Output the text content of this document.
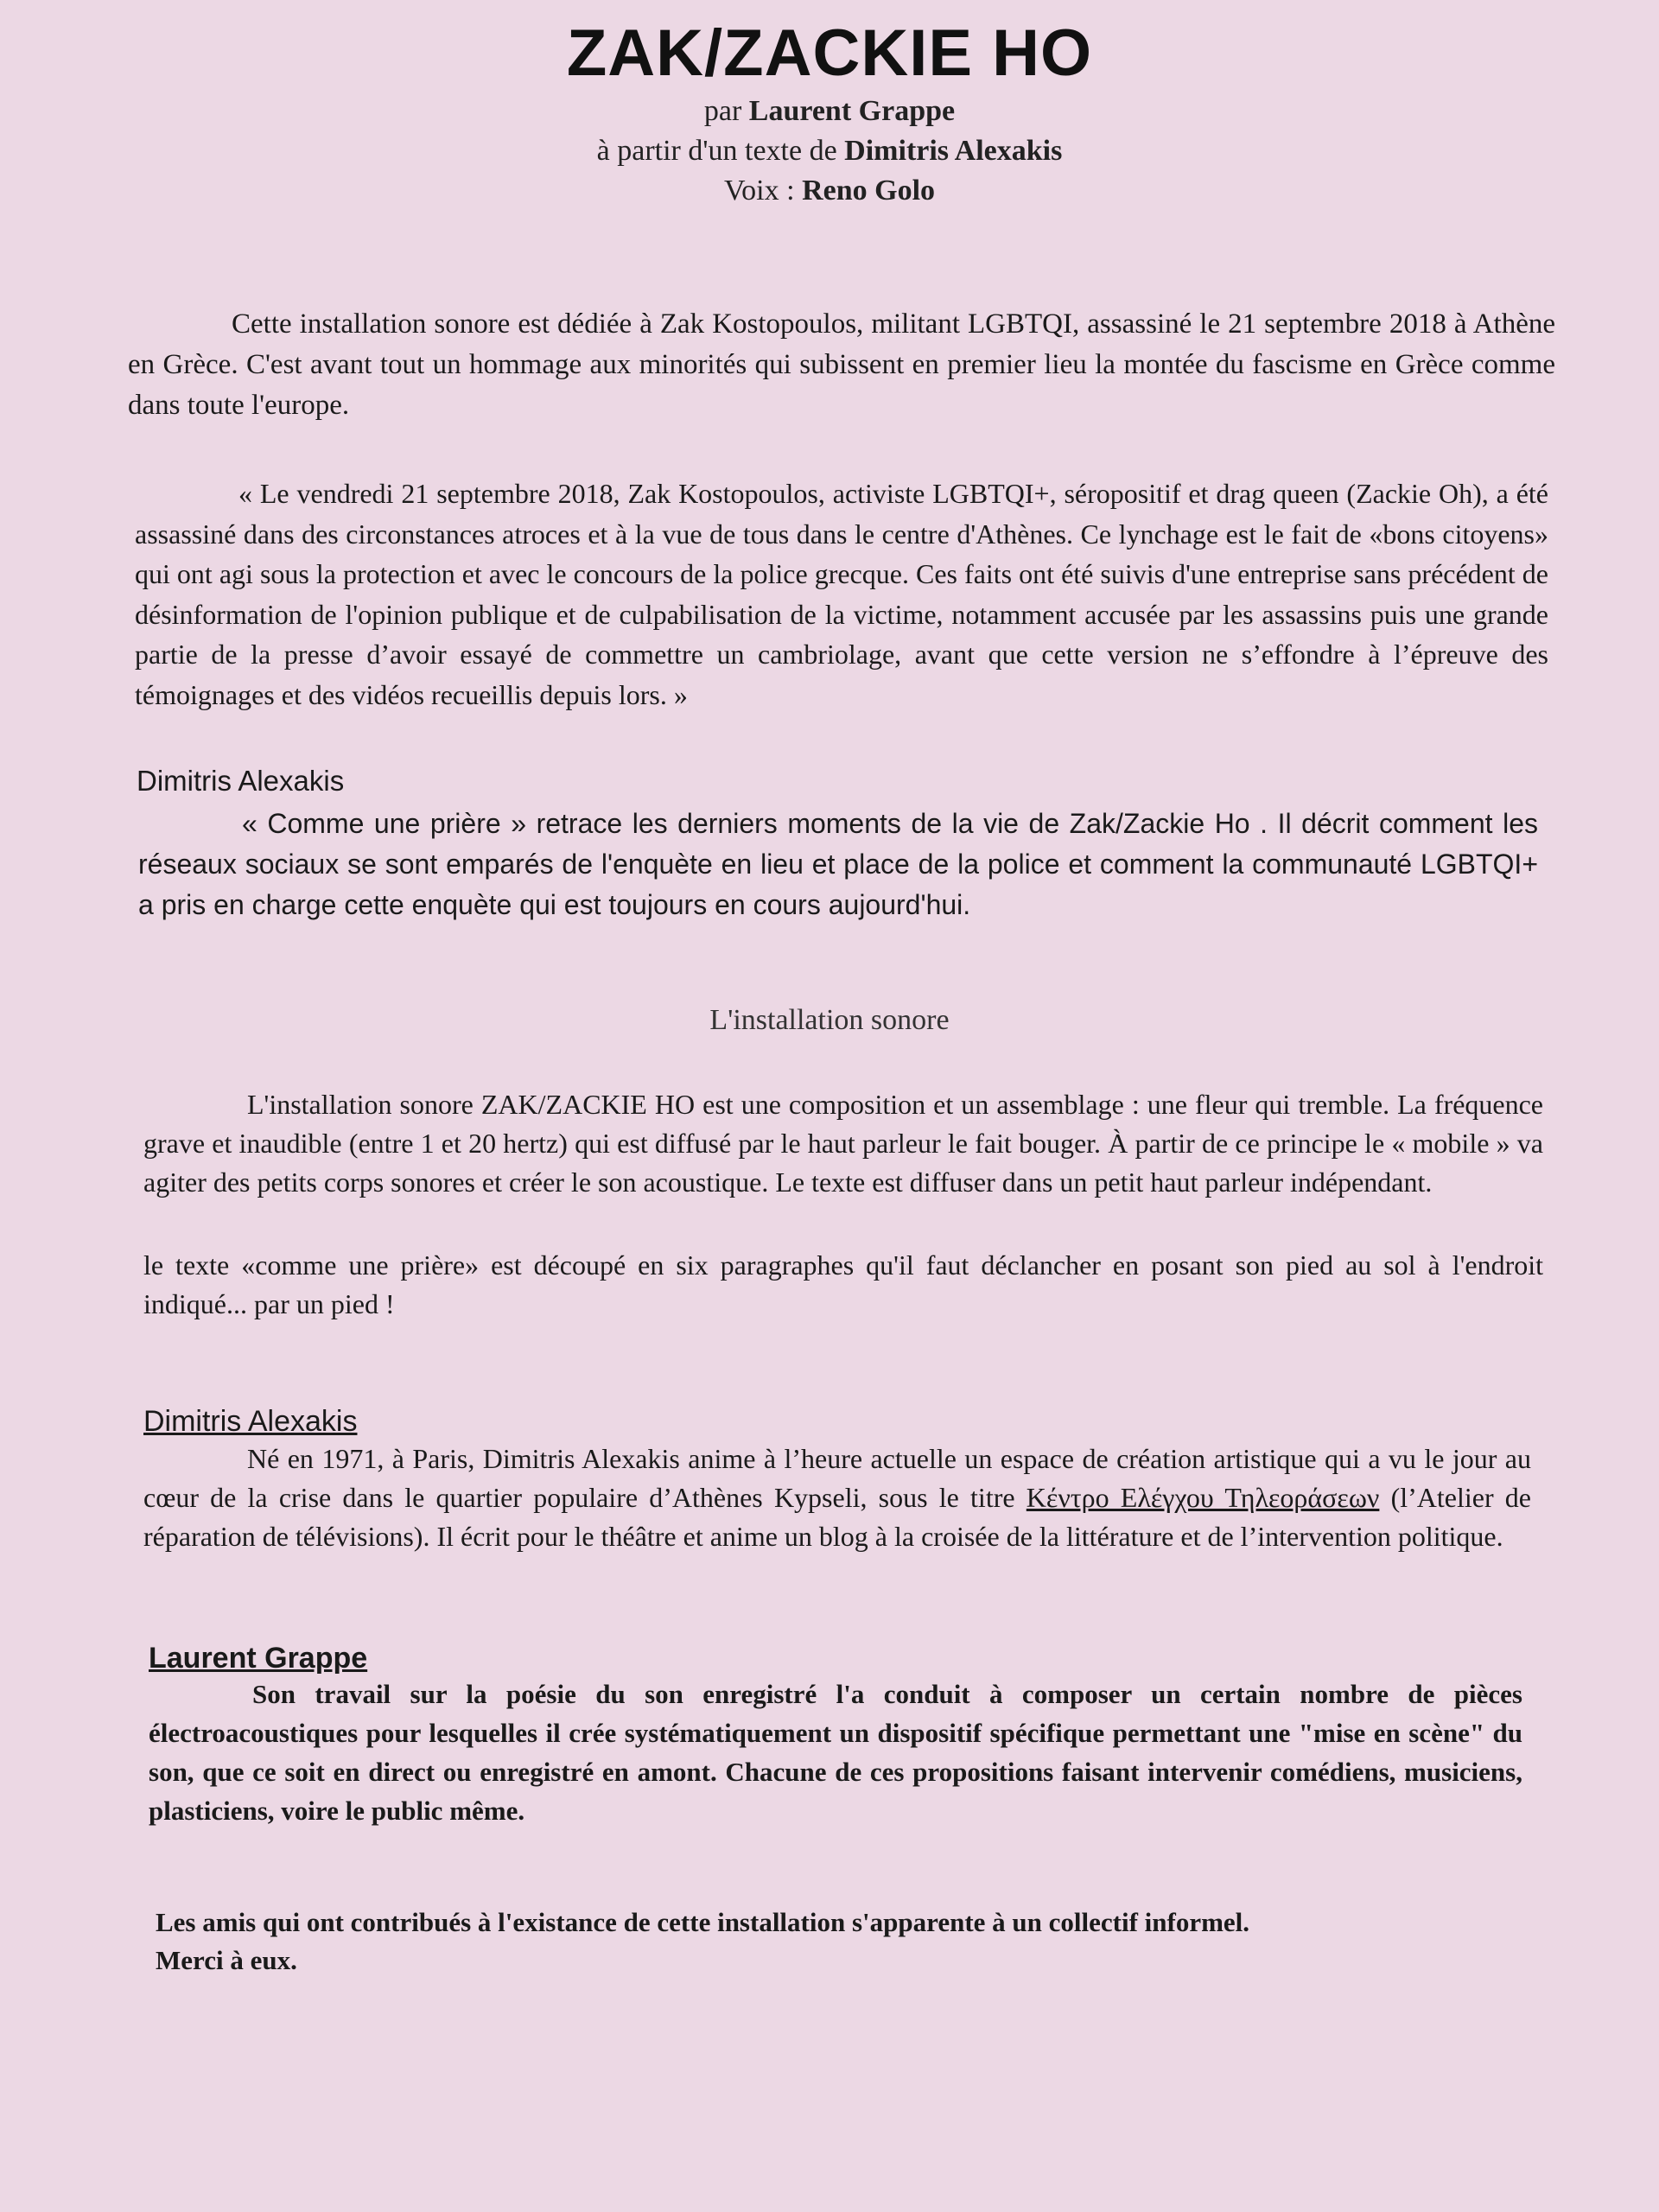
ZAK/ZACKIE HO
par Laurent Grappe
à partir d'un texte de Dimitris Alexakis
Voix : Reno Golo

Cette installation sonore est dédiée à Zak Kostopoulos, militant LGBTQI, assassiné le 21 septembre 2018 à Athène en Grèce. C'est avant tout un hommage aux minorités qui subissent en premier lieu la montée du fascisme en Grèce comme dans toute l'europe.

« Le vendredi 21 septembre 2018, Zak Kostopoulos, activiste LGBTQI+, séropositif et drag queen (Zackie Oh), a été assassiné dans des circonstances atroces et à la vue de tous dans le centre d'Athènes. Ce lynchage est le fait de «bons citoyens» qui ont agi sous la protection et avec le concours de la police grecque. Ces faits ont été suivis d'une entreprise sans précédent de désinformation de l'opinion publique et de culpabilisation de la victime, notamment accusée par les assassins puis une grande partie de la presse d’avoir essayé de commettre un cambriolage, avant que cette version ne s’effondre à l’épreuve des témoignages et des vidéos recueillis depuis lors. »

Dimitris Alexakis

« Comme une prière » retrace les derniers moments de la vie de Zak/Zackie Ho . Il décrit comment les réseaux sociaux se sont emparés de l'enquète en lieu et place de la police et comment la communauté LGBTQI+ a pris en charge cette enquète qui est toujours en cours aujourd'hui.

L'installation sonore

L'installation sonore ZAK/ZACKIE HO est une composition et un assemblage : une fleur qui tremble. La fréquence grave et inaudible (entre 1 et 20 hertz) qui est diffusé par le haut parleur le fait bouger. À partir de ce principe le « mobile » va agiter des petits corps sonores et créer le son acoustique. Le texte est diffuser dans un petit haut parleur indépendant.

le texte «comme une prière» est découpé en six paragraphes qu'il faut déclancher en posant son pied au sol à l'endroit indiqué... par un pied !

Dimitris Alexakis

Né en 1971, à Paris, Dimitris Alexakis anime à l’heure actuelle un espace de création artistique qui a vu le jour au cœur de la crise dans le quartier populaire d’Athènes Kypseli, sous le titre Κέντρο Ελέγχου Τηλεοράσεων (l’Atelier de réparation de télévisions). Il écrit pour le théâtre et anime un blog à la croisée de la littérature et de l’intervention politique.

Laurent Grappe

Son travail sur la poésie du son enregistré l'a conduit à composer un certain nombre de pièces électroacoustiques pour lesquelles il crée systématiquement un dispositif spécifique permettant une "mise en scène" du son, que ce soit en direct ou enregistré en amont. Chacune de ces propositions faisant intervenir comédiens, musiciens, plasticiens, voire le public même.

Les amis qui ont contribués à l'existance de cette installation s'apparente à un collectif informel.
Merci à eux.
